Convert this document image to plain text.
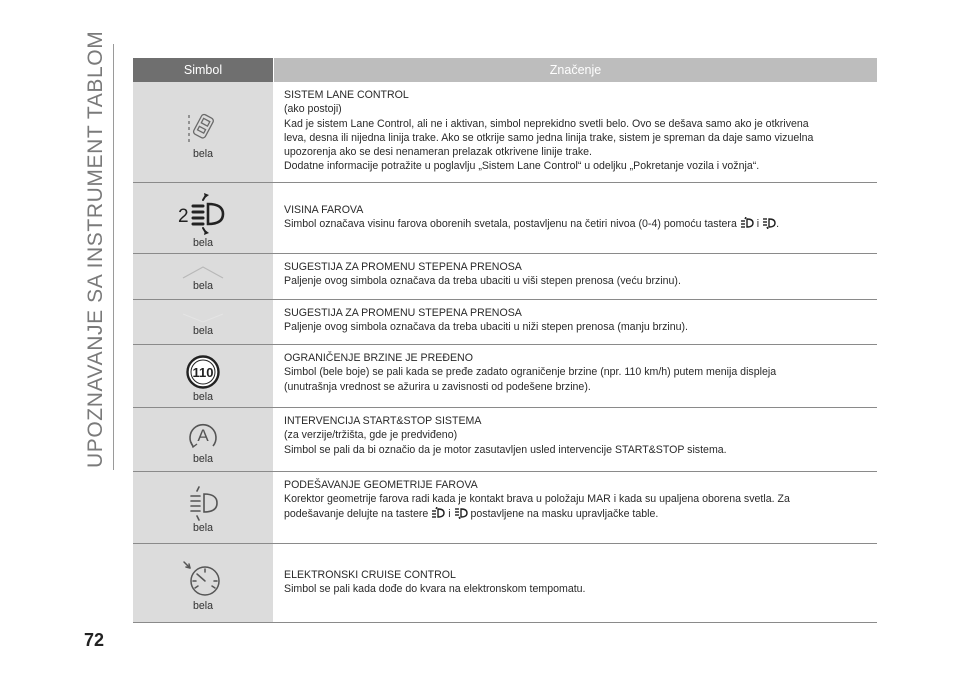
UPOZNAVANJE SA INSTRUMENT TABLOM	Simbol	Značenje
bela
SISTEM LANE CONTROL
(ako postoji)
Kad je sistem Lane Control, ali ne i aktivan, simbol neprekidno svetli belo. Ovo se dešava samo ako je otkrivena
leva, desna ili nijedna linija trake. Ako se otkrije samo jedna linija trake, sistem je spreman da daje samo vizuelna
upozorenja ako se desi nenameran prelazak otkrivene linije trake.
Dodatne informacije potražite u poglavlju „Sistem Lane Control“ u odeljku „Pokretanje vozila i vožnja“.
2
bela
VISINA FAROVA
Simbol označava visinu farova oborenih svetala, postavljenu na četiri nivoa (0-4) pomoću tastera i .
bela
SUGESTIJA ZA PROMENU STEPENA PRENOSA
Paljenje ovog simbola označava da treba ubaciti u viši stepen prenosa (veću brzinu).
bela
SUGESTIJA ZA PROMENU STEPENA PRENOSA
Paljenje ovog simbola označava da treba ubaciti u niži stepen prenosa (manju brzinu).
110
bela
OGRANIČENJE BRZINE JE PREĐENO
Simbol (bele boje) se pali kada se pređe zadato ograničenje brzine (npr. 110 km/h) putem menija displeja
(unutrašnja vrednost se ažurira u zavisnosti od podešene brzine).
A
bela
INTERVENCIJA START&STOP SISTEMA
(za verzije/tržišta, gde je predviđeno)
Simbol se pali da bi označio da je motor zasutavljen usled intervencije START&STOP sistema.
bela
PODEŠAVANJE GEOMETRIJE FAROVA
Korektor geometrije farova radi kada je kontakt brava u položaju MAR i kada su upaljena oborena svetla. Za
podešavanje delujte na tastere i postavljene na masku upravljačke table.
bela
ELEKTRONSKI CRUISE CONTROL
Simbol se pali kada dođe do kvara na elektronskom tempomatu.
72
